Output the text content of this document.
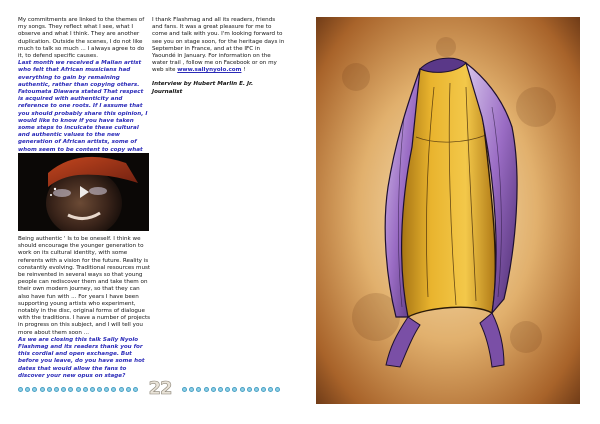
My commitments are linked to the themes of my songs. They reflect what I see, what I observe and what I think. They are another duplication. Outside the scenes, I do not like much to talk so much ... I always agree to do it, to defend specific causes.

Last month we received a Malian artist who felt that African musicians had everything to gain by remaining authentic, rather than copying others. Fatoumata Diawara stated That respect is acquired with authenticity and reference to one roots. If I assume that you should probably share this opinion, I would like to know if you have taken some steps to inculcate these cultural and authentic values to the new generation of African artists, some of whom seem to be content to copy what

Being authentic ' Is to be oneself. I think we should encourage the younger generation to work on its cultural identity, with some referents with a vision for the future. Reality is constantly evolving. Traditional resources must be reinvented in several ways so that young people can rediscover them and take them on their own modern journey, so that they can also have fun with ... For years I have been supporting young artists who experiment, notably in the disc, original forms of dialogue with the traditions. I have a number of projects in progress on this subject, and I will tell you more about them soon ...

As we are closing this talk Sally Nyolo Flashmag and its readers thank you for this cordial and open exchange. But before you leave, do you have some hot dates that would allow the fans to discover your new opus on stage?

I thank Flashmag and all its readers, friends and fans. It was a great pleasure for me to come and talk with you. I'm looking forward to see you on stage soon, for the heritage days in September in France, and at the IFC in Yaoundé in January. For information on the water trail , follow me on Facebook or on my web site www.sallynyolo.com !

Interview by Hubert Marlin E. Jr.

Journalist

22
